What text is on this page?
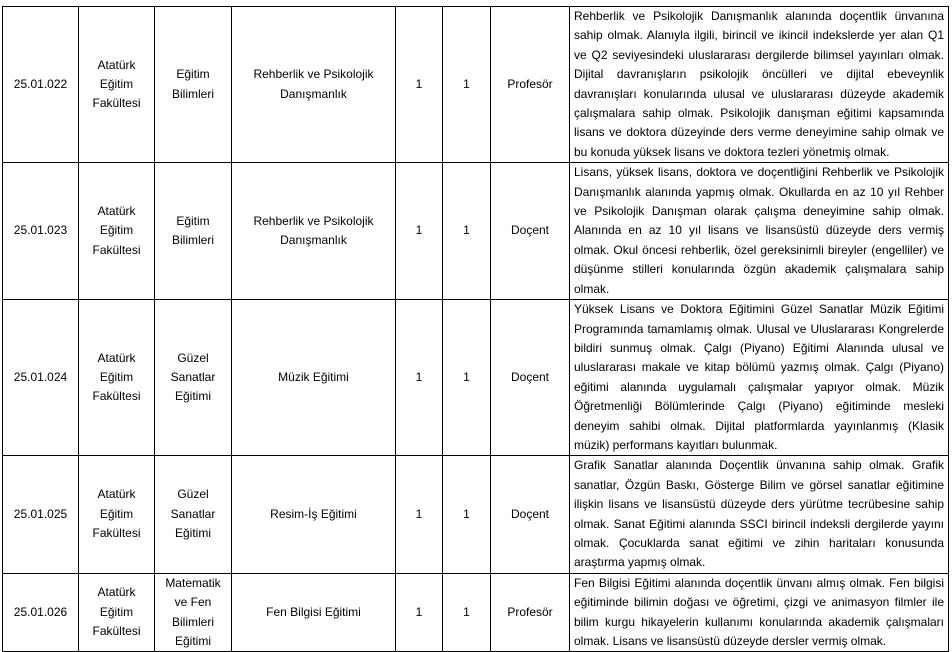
25.01.022	Atatürk Eğitim Fakültesi	Eğitim Bilimleri	Rehberlik ve Psikolojik Danışmanlık	1	1	Profesör	Rehberlik ve Psikolojik Danışmanlık alanında doçentlik ünvanına sahip olmak. Alanıyla ilgili, birincil ve ikincil indekslerde yer alan Q1 ve Q2 seviyesindeki uluslararası dergilerde bilimsel yayınları olmak. Dijital davranışların psikolojik öncülleri ve dijital ebeveynlik davranışları konularında ulusal ve uluslararası düzeyde akademik çalışmalara sahip olmak. Psikolojik danışman eğitimi kapsamında lisans ve doktora düzeyinde ders verme deneyimine sahip olmak ve bu konuda yüksek lisans ve doktora tezleri yönetmiş olmak.
25.01.023	Atatürk Eğitim Fakültesi	Eğitim Bilimleri	Rehberlik ve Psikolojik Danışmanlık	1	1	Doçent	Lisans, yüksek lisans, doktora ve doçentliğini Rehberlik ve Psikolojik Danışmanlık alanında yapmış olmak. Okullarda en az 10 yıl Rehber ve Psikolojik Danışman olarak çalışma deneyimine sahip olmak. Alanında en az 10 yıl lisans ve lisansüstü düzeyde ders vermiş olmak. Okul öncesi rehberlik, özel gereksinimli bireyler (engelliler) ve düşünme stilleri konularında özgün akademik çalışmalara sahip olmak.
25.01.024	Atatürk Eğitim Fakültesi	Güzel Sanatlar Eğitimi	Müzik Eğitimi	1	1	Doçent	Yüksek Lisans ve Doktora Eğitimini Güzel Sanatlar Müzik Eğitimi Programında tamamlamış olmak. Ulusal ve Uluslararası Kongrelerde bildiri sunmuş olmak. Çalgı (Piyano) Eğitimi Alanında ulusal ve uluslararası makale ve kitap bölümü yazmış olmak. Çalgı (Piyano) eğitimi alanında uygulamalı çalışmalar yapıyor olmak. Müzik Öğretmenliği Bölümlerinde Çalgı (Piyano) eğitiminde mesleki deneyim sahibi olmak. Dijital platformlarda yayınlanmış (Klasik müzik) performans kayıtları bulunmak.
25.01.025	Atatürk Eğitim Fakültesi	Güzel Sanatlar Eğitimi	Resim-İş Eğitimi	1	1	Doçent	Grafik Sanatlar alanında Doçentlik ünvanına sahip olmak. Grafik sanatlar, Özgün Baskı, Gösterge Bilim ve görsel sanatlar eğitimine ilişkin lisans ve lisansüstü düzeyde ders yürütme tecrübesine sahip olmak. Sanat Eğitimi alanında SSCI birincil indeksli dergilerde yayını olmak. Çocuklarda sanat eğitimi ve zihin haritaları konusunda araştırma yapmış olmak.
25.01.026	Atatürk Eğitim Fakültesi	Matematik ve Fen Bilimleri Eğitimi	Fen Bilgisi Eğitimi	1	1	Profesör	Fen Bilgisi Eğitimi alanında doçentlik ünvanı almış olmak. Fen bilgisi eğitiminde bilimin doğası ve öğretimi, çizgi ve animasyon filmler ile bilim kurgu hikayelerin kullanımı konularında akademik çalışmaları olmak. Lisans ve lisansüstü düzeyde dersler vermiş olmak.
